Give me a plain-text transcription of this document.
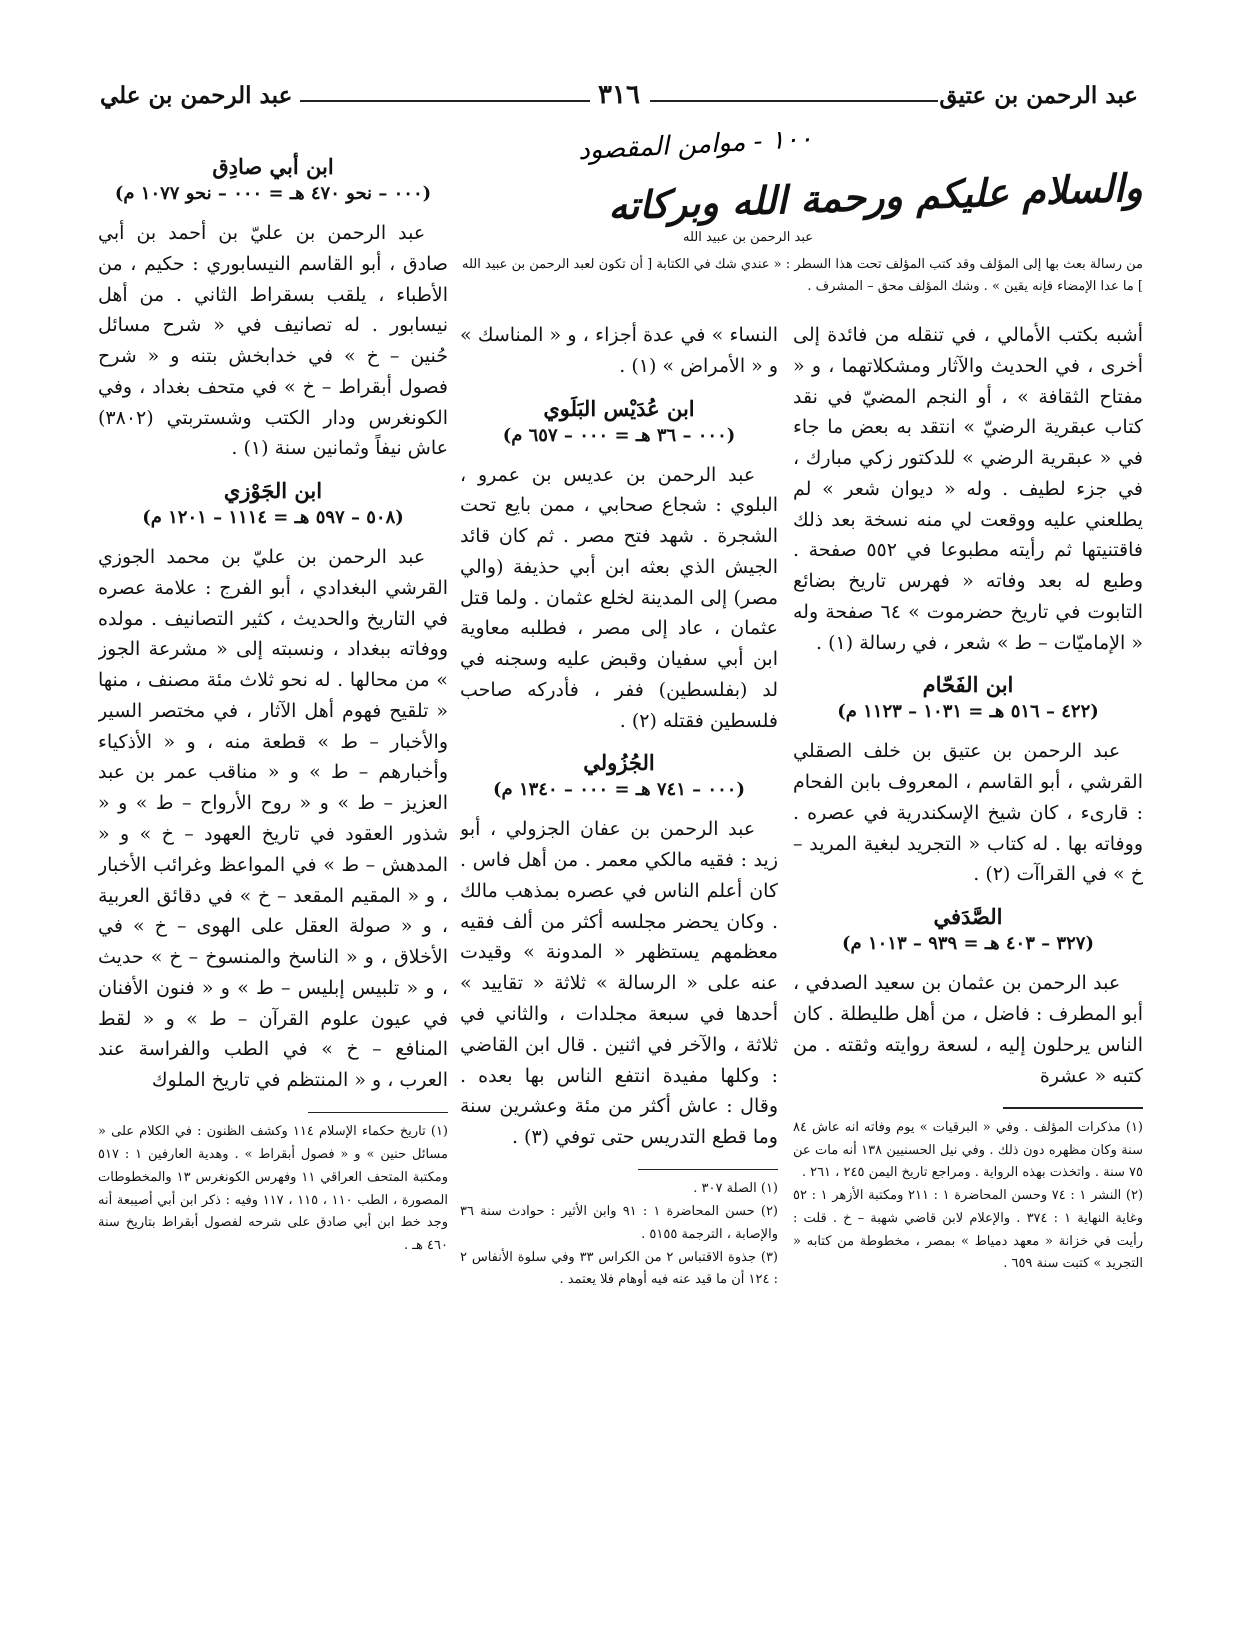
عبد الرحمن بن عتيق
٣١٦
عبد الرحمن بن علي
١٠٠ - موامن المقصود
والسلام عليكم ورحمة الله وبركاته
عبد الرحمن بن عبيد الله
من رسالة بعث بها إلى المؤلف وقد كتب المؤلف تحت هذا السطر : « عندي شك في الكتابة [ أن تكون لعبد الرحمن بن عبيد الله ] ما عدا الإمضاء فإنه يقين » . وشك المؤلف محق – المشرف .

أشبه بكتب الأمالي ، في تنقله من فائدة إلى أخرى ، في الحديث والآثار ومشكلاتهما ، و « مفتاح الثقافة » ، أو النجم المضيّ في نقد كتاب عبقرية الرضيّ » انتقد به بعض ما جاء في « عبقرية الرضي » للدكتور زكي مبارك ، في جزء لطيف . وله « ديوان شعر » لم يطلعني عليه ووقعت لي منه نسخة بعد ذلك فاقتنيتها ثم رأيته مطبوعا في ٥٥٢ صفحة . وطبع له بعد وفاته « فهرس تاريخ بضائع التابوت في تاريخ حضرموت » ٦٤ صفحة وله « الإماميّات – ط » شعر ، في رسالة (١) .

ابن الفَحّام
(٤٢٢ – ٥١٦ هـ = ١٠٣١ – ١١٢٣ م)

عبد الرحمن بن عتيق بن خلف الصقلي القرشي ، أبو القاسم ، المعروف بابن الفحام : قارىء ، كان شيخ الإسكندرية في عصره . ووفاته بها . له كتاب « التجريد لبغية المريد – خ » في القراآت (٢) .

الصَّدَفي
(٣٢٧ – ٤٠٣ هـ = ٩٣٩ – ١٠١٣ م)

عبد الرحمن بن عثمان بن سعيد الصدفي ، أبو المطرف : فاضل ، من أهل طليطلة . كان الناس يرحلون إليه ، لسعة روايته وثقته . من كتبه « عشرة

(١) مذكرات المؤلف . وفي « البرقيات » يوم وفاته انه عاش ٨٤ سنة وكان مظهره دون ذلك . وفي نيل الحسنيين ١٣٨ أنه مات عن ٧٥ سنة . واتخذت بهذه الرواية . ومراجع تاريخ اليمن ٢٤٥ ، ٢٦١ .

(٢) النشر ١ : ٧٤ وحسن المحاضرة ١ : ٢١١ ومكتبة الأزهر ١ : ٥٢ وغاية النهاية ١ : ٣٧٤ . والإعلام لابن قاضي شهبة – خ . قلت : رأيت في خزانة « معهد دمياط » بمصر ، مخطوطة من كتابه « التجريد » كتبت سنة ٦٥٩ .

النساء » في عدة أجزاء ، و « المناسك » و « الأمراض » (١) .

ابن عُدَيْس البَلَوي
(٠٠٠ – ٣٦ هـ = ٠٠٠ – ٦٥٧ م)

عبد الرحمن بن عديس بن عمرو ، البلوي : شجاع صحابي ، ممن بايع تحت الشجرة . شهد فتح مصر . ثم كان قائد الجيش الذي بعثه ابن أبي حذيفة (والي مصر) إلى المدينة لخلع عثمان . ولما قتل عثمان ، عاد إلى مصر ، فطلبه معاوية ابن أبي سفيان وقبض عليه وسجنه في لد (بفلسطين) ففر ، فأدركه صاحب فلسطين فقتله (٢) .

الجُزُولي
(٠٠٠ – ٧٤١ هـ = ٠٠٠ – ١٣٤٠ م)

عبد الرحمن بن عفان الجزولي ، أبو زيد : فقيه مالكي معمر . من أهل فاس . كان أعلم الناس في عصره بمذهب مالك . وكان يحضر مجلسه أكثر من ألف فقيه معظمهم يستظهر « المدونة » وقيدت عنه على « الرسالة » ثلاثة « تقاييد » أحدها في سبعة مجلدات ، والثاني في ثلاثة ، والآخر في اثنين . قال ابن القاضي : وكلها مفيدة انتفع الناس بها بعده . وقال : عاش أكثر من مئة وعشرين سنة وما قطع التدريس حتى توفي (٣) .

(١) الصلة ٣٠٧ .

(٢) حسن المحاضرة ١ : ٩١ وابن الأثير : حوادث سنة ٣٦ والإصابة ، الترجمة ٥١٥٥ .

(٣) جذوة الاقتباس ٢ من الكراس ٣٣ وفي سلوة الأنفاس ٢ : ١٢٤ أن ما قيد عنه فيه أوهام فلا يعتمد .

ابن أبي صادِق
(٠٠٠ – نحو ٤٧٠ هـ = ٠٠٠ – نحو ١٠٧٧ م)

عبد الرحمن بن عليّ بن أحمد بن أبي صادق ، أبو القاسم النيسابوري : حكيم ، من الأطباء ، يلقب بسقراط الثاني . من أهل نيسابور . له تصانيف في « شرح مسائل حُنين – خ » في خدابخش بتنه و « شرح فصول أبقراط – خ » في متحف بغداد ، وفي الكونغرس ودار الكتب وشستربتي (٣٨٠٢) عاش نيفاً وثمانين سنة (١) .

ابن الجَوْزي
(٥٠٨ – ٥٩٧ هـ = ١١١٤ – ١٢٠١ م)

عبد الرحمن بن عليّ بن محمد الجوزي القرشي البغدادي ، أبو الفرج : علامة عصره في التاريخ والحديث ، كثير التصانيف . مولده ووفاته ببغداد ، ونسبته إلى « مشرعة الجوز » من محالها . له نحو ثلاث مئة مصنف ، منها « تلقيح فهوم أهل الآثار ، في مختصر السير والأخبار – ط » قطعة منه ، و « الأذكياء وأخبارهم – ط » و « مناقب عمر بن عبد العزيز – ط » و « روح الأرواح – ط » و « شذور العقود في تاريخ العهود – خ » و « المدهش – ط » في المواعظ وغرائب الأخبار ، و « المقيم المقعد – خ » في دقائق العربية ، و « صولة العقل على الهوى – خ » في الأخلاق ، و « الناسخ والمنسوخ – خ » حديث ، و « تلبيس إبليس – ط » و « فنون الأفنان في عيون علوم القرآن – ط » و « لقط المنافع – خ » في الطب والفراسة عند العرب ، و « المنتظم في تاريخ الملوك

(١) تاريخ حكماء الإسلام ١١٤ وكشف الظنون : في الكلام على « مسائل حنين » و « فصول أبقراط » . وهدية العارفين ١ : ٥١٧ ومكتبة المتحف العراقي ١١ وفهرس الكونغرس ١٣ والمخطوطات المصورة ، الطب ١١٠ ، ١١٥ ، ١١٧ وفيه : ذكر ابن أبي أصيبعة أنه وجد خط ابن أبي صادق على شرحه لفصول أبقراط بتاريخ سنة ٤٦٠ هـ .
